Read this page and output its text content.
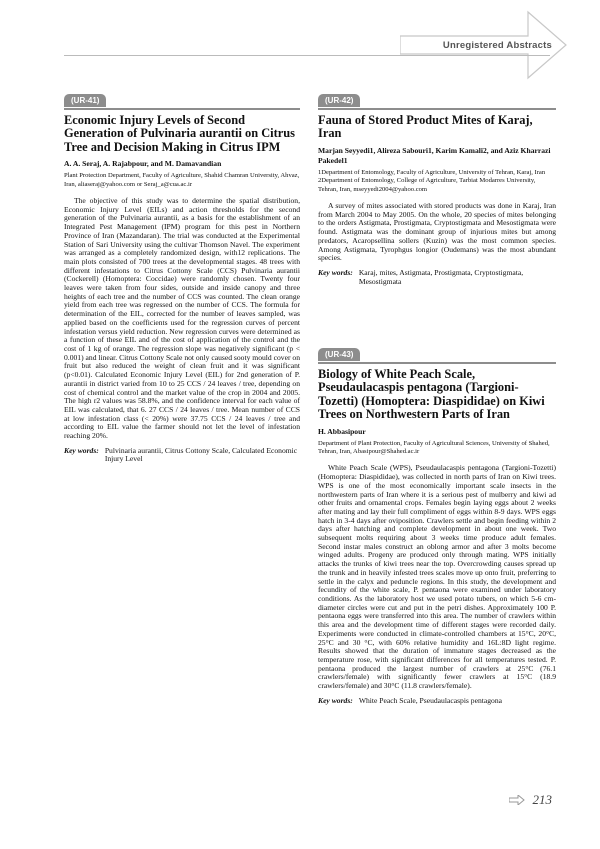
Unregistered Abstracts
(UR-41)
Economic Injury Levels of Second Generation of Pulvinaria aurantii on Citrus Tree and Decision Making in Citrus IPM
A. A. Seraj, A. Rajabpour, and M. Damavandian
Plant Protection Department, Faculty of Agriculture, Shahid Chamran University, Ahvaz, Iran, aliaseraj@yahoo.com or Seraj_a@cua.ac.ir

The objective of this study was to determine the spatial distribution, Economic Injury Level (EILs) and action thresholds for the second generation of the Pulvinaria aurantii, as a basis for the establishment of an Integrated Pest Management (IPM) program for this pest in Northern Province of Iran (Mazandaran). The trial was conducted at the Experimental Station of Sari University using the cultivar Thomson Navel. The experiment was arranged as a completely randomized design, with12 replications. The main plots consisted of 700 trees at the developmental stages. 48 trees with different infestations to Citrus Cottony Scale (CCS) Pulvinaria aurantii (Cockerell) (Homoptera: Coccidae) were randomly chosen. Twenty four leaves were taken from four sides, outside and inside canopy and three heights of each tree and the number of CCS was counted. The clean orange yield from each tree was regressed on the number of CCS. The formula for determination of the EIL, corrected for the number of leaves sampled, was applied based on the coefficients used for the regression curves of percent infestation versus yield reduction. New regression curves were determined as a function of these EIL and of the cost of application of the control and the cost of 1 kg of orange. The regression slope was negatively significant (p < 0.001) and linear. Citrus Cottony Scale not only caused sooty mould cover on fruit but also reduced the weight of clean fruit and it was significant (p<0.01). Calculated Economic Injury Level (EIL) for 2nd generation of P. aurantii in district varied from 10 to 25 CCS / 24 leaves / tree, depending on cost of chemical control and the market value of the crop in 2004 and 2005. The high r2 values was 58.8%, and the confidence interval for each value of EIL was calculated, that 6. 27 CCS / 24 leaves / tree. Mean number of CCS at low infestation class (< 20%) were 37.75 CCS / 24 leaves / tree and according to EIL value the farmer should not let the level of infestation reaching 20%.

Key words: Pulvinaria aurantii, Citrus Cottony Scale, Calculated Economic Injury Level
(UR-42)
Fauna of Stored Product Mites of Karaj, Iran
Marjan Seyyedi1, Alireza Sabouri1, Karim Kamali2, and Aziz Kharrazi Pakedel1
1Department of Entomology, Faculty of Agriculture, University of Tehran, Karaj, Iran
2Department of Entomology, College of Agriculture, Tarbiat Modarres University, Tehran, Iran, mseyyedi2004@yahoo.com

A survey of mites associated with stored products was done in Karaj, Iran from March 2004 to May 2005. On the whole, 20 species of mites belonging to the orders Astigmata, Prostigmata, Cryptostigmata and Mesostigmata were found. Astigmata was the dominant group of injurious mites but among predators, Acaropsellina sollers (Kuzin) was the most common species. Among Astigmata, Tyrophgus longior (Oudemans) was the most abundant species.

Key words: Karaj, mites, Astigmata, Prostigmata, Cryptostigmata, Mesostigmata
(UR-43)
Biology of White Peach Scale, Pseudaulacaspis pentagona (Targioni-Tozetti) (Homoptera: Diaspididae) on Kiwi Trees on Northwestern Parts of Iran
H. Abbasipour
Department of Plant Protection, Faculty of Agricultural Sciences, University of Shahed, Tehran, Iran, Abasipour@Shahed.ac.ir

White Peach Scale (WPS), Pseudaulacaspis pentagona (Targioni-Tozetti) (Homoptera: Diaspididae), was collected in north parts of Iran on Kiwi trees. WPS is one of the most economically important scale insects in the northwestern parts of Iran where it is a serious pest of mulberry and kiwi ad other fruits and ornamental crops. Females begin laying eggs about 2 weeks after mating and lay their full compliment of eggs within 8-9 days. WPS eggs hatch in 3-4 days after oviposition. Crawlers settle and begin feeding within 2 days after hatching and complete development in about one week. Two subsequent molts requiring about 3 weeks time produce adult females. Second instar males construct an oblong armor and after 3 molts become winged adults. Progeny are produced only through mating. WPS initially attacks the trunks of kiwi trees near the top. Overcrowding causes spread up the trunk and in heavily infested trees scales move up onto fruit, preferring to settle in the calyx and peduncle regions. In this study, the development and fecundity of the white scale, P. pentaona were examined under laboratory conditions. As the laboratory host we used potato tubers, on which 5-6 cm-diameter circles were cut and put in the petri dishes. Approximately 100 P. pentaona eggs were transferred into this area. The number of crawlers within this area and the development time of different stages were recorded daily. Experiments were conducted in climate-controlled chambers at 15°C, 20°C, 25°C and 30 °C, with 60% relative humidity and 16L:8D light regime. Results showed that the duration of immature stages decreased as the temperature rose, with significant differences for all temperatures tested. P. pentaona produced the largest number of crawlers at 25°C (76.1 crawlers/female) with significantly fewer crawlers at 15°C (18.9 crawlers/female) and 30°C (11.8 crawlers/female).

Key words: White Peach Scale, Pseudaulacaspis pentagona
213
